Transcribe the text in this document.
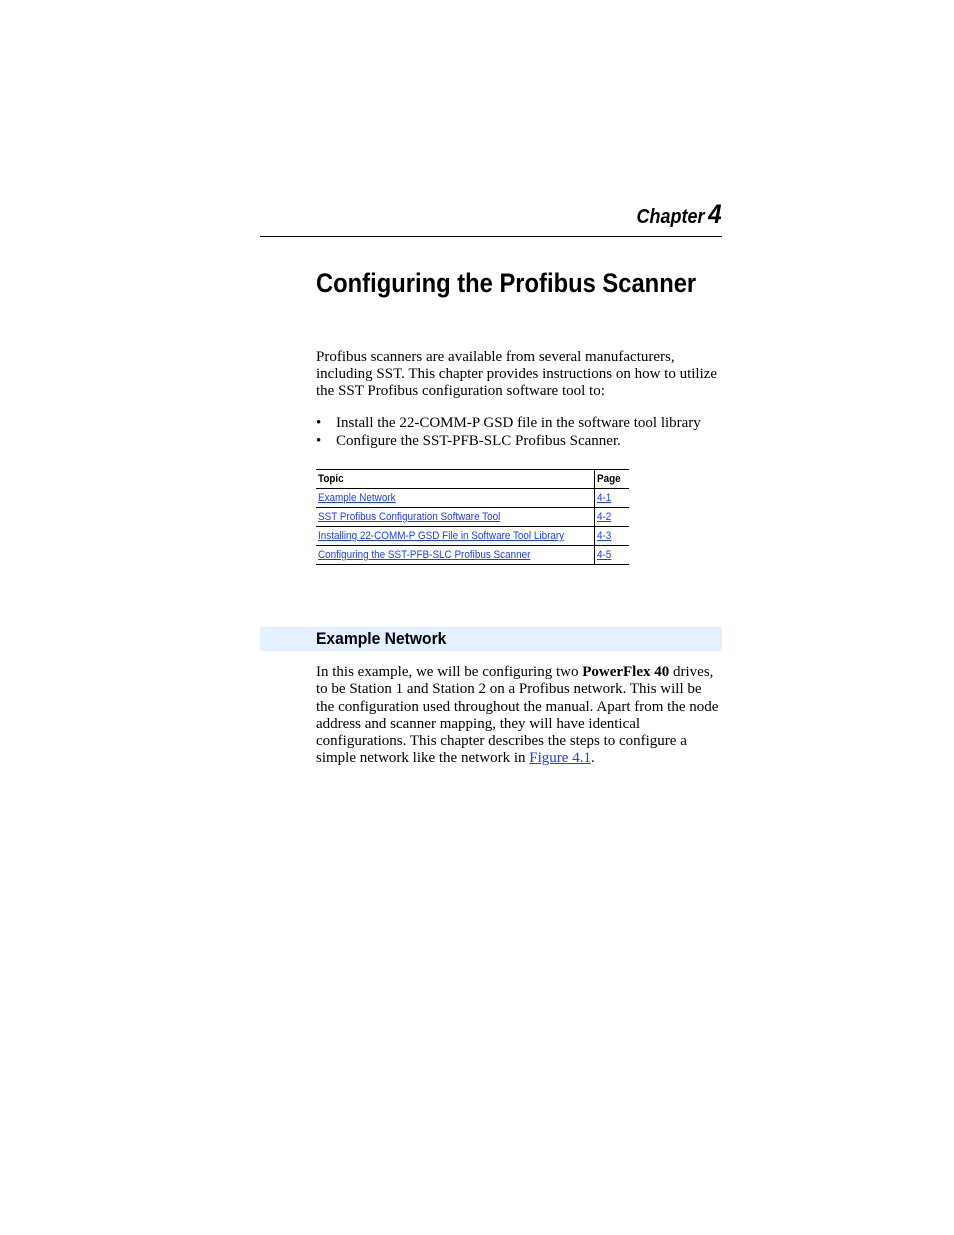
Chapter 4
Configuring the Profibus Scanner

Profibus scanners are available from several manufacturers, including SST. This chapter provides instructions on how to utilize the SST Profibus configuration software tool to:

• Install the 22-COMM-P GSD file in the software tool library
• Configure the SST-PFB-SLC Profibus Scanner.
Topic	Page
Example Network	4-1
SST Profibus Configuration Software Tool	4-2
Installing 22-COMM-P GSD File in Software Tool Library	4-3
Configuring the SST-PFB-SLC Profibus Scanner	4-5
Example Network

In this example, we will be configuring two PowerFlex 40 drives, to be Station 1 and Station 2 on a Profibus network. This will be the configuration used throughout the manual. Apart from the node address and scanner mapping, they will have identical configurations. This chapter describes the steps to configure a simple network like the network in Figure 4.1.
